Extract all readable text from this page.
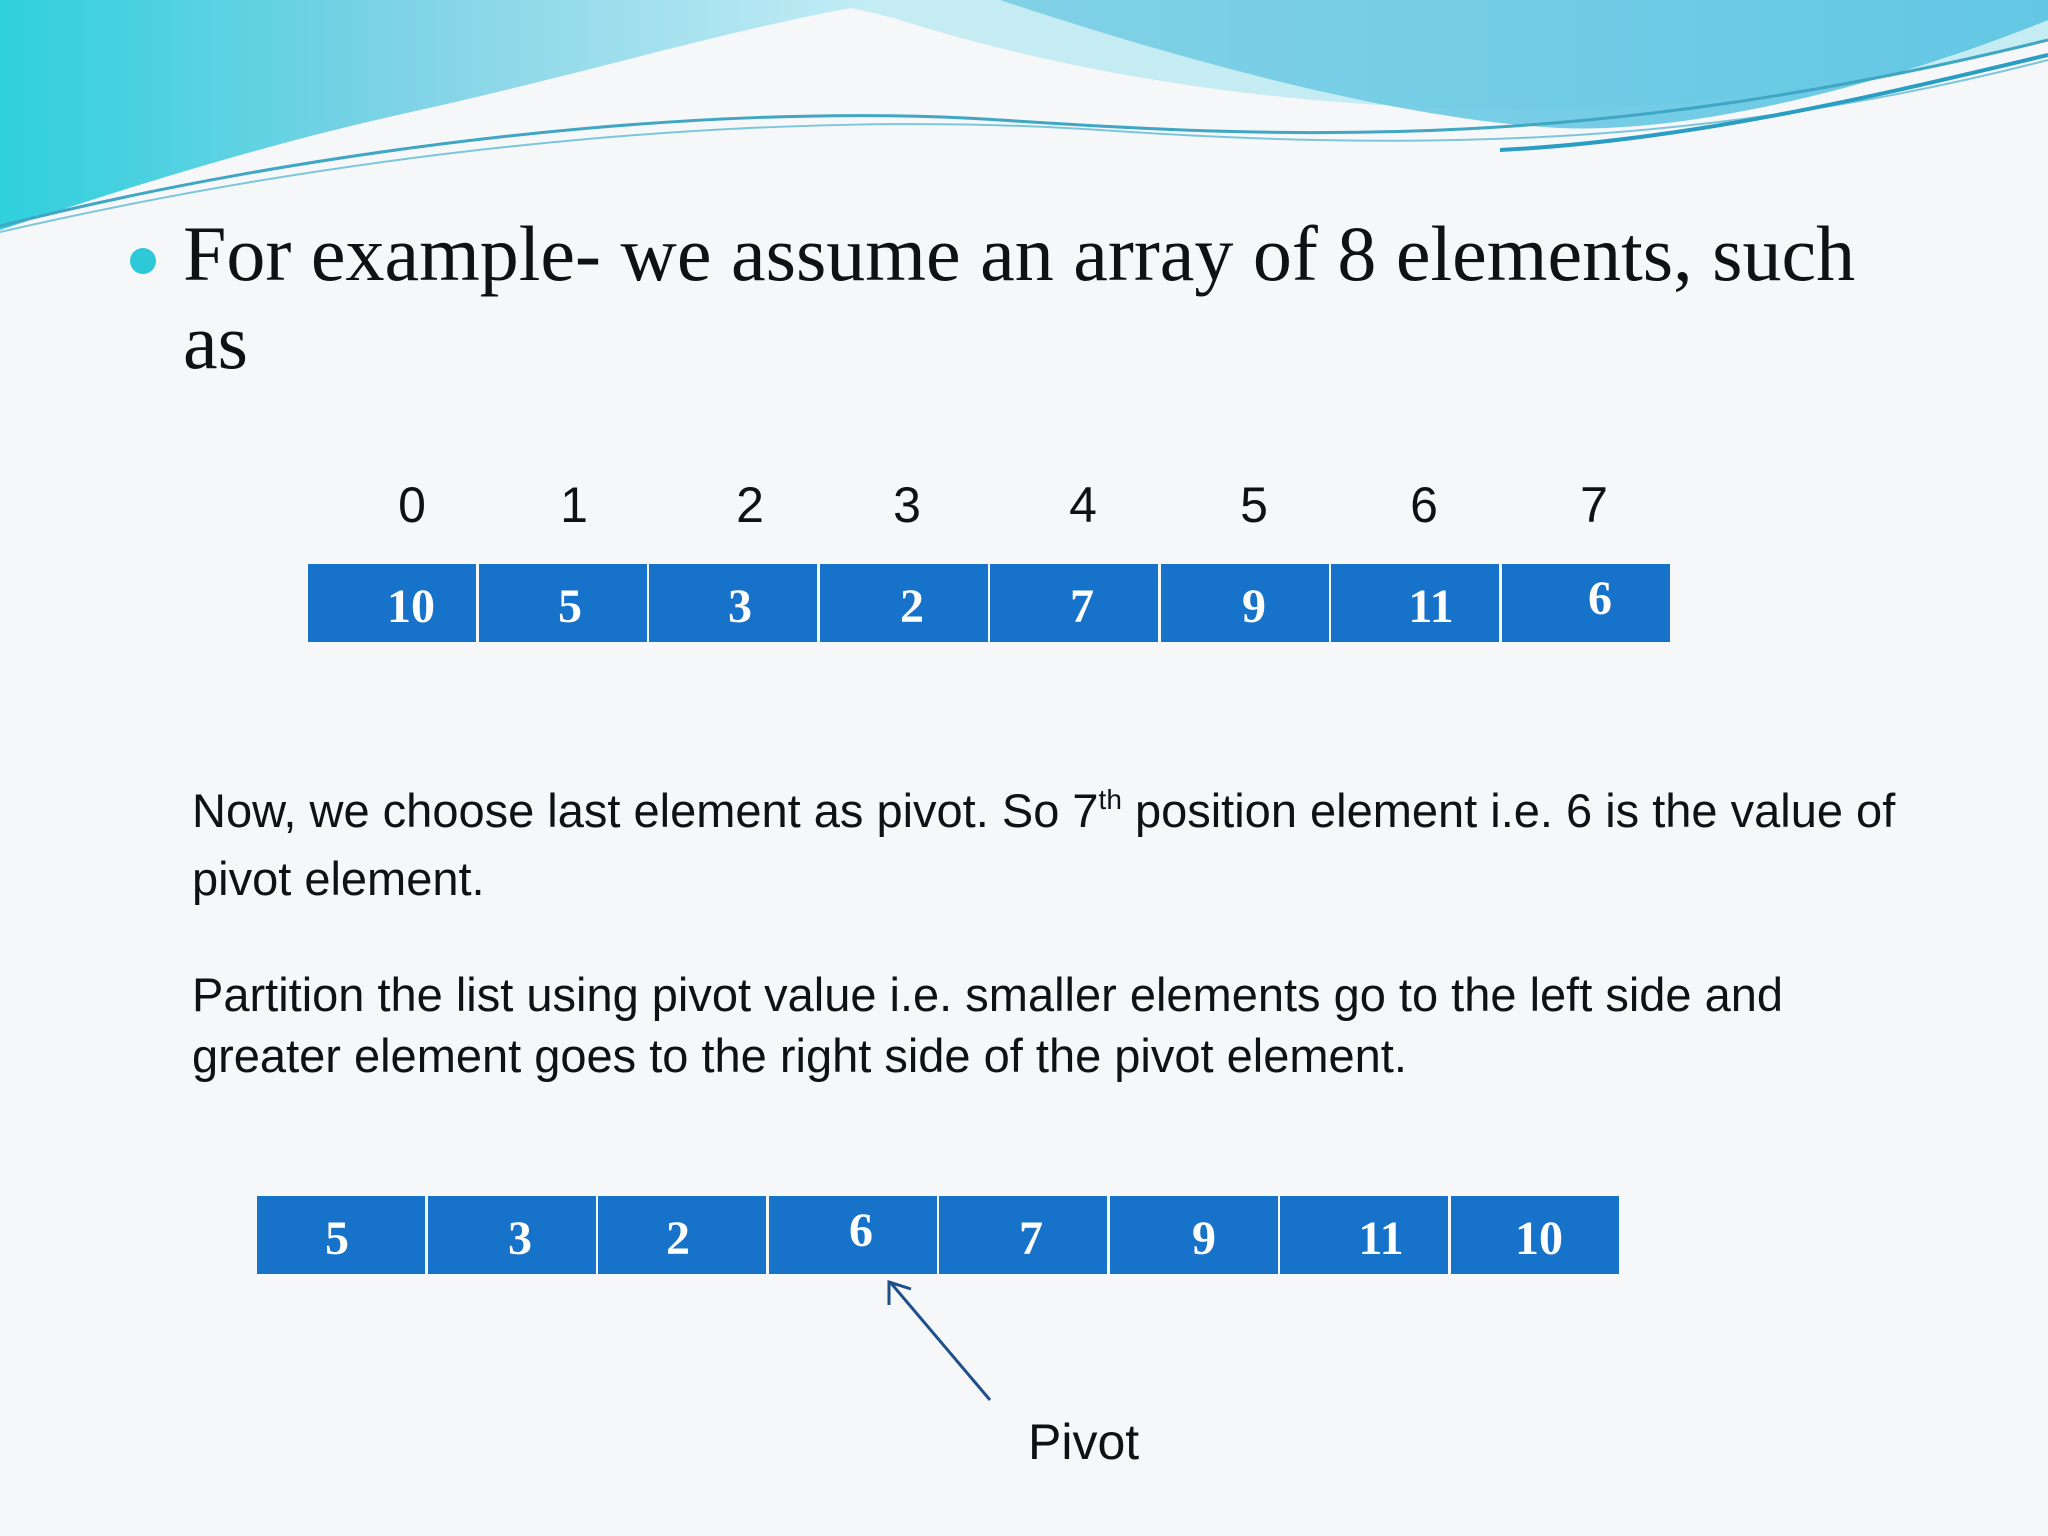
For example- we assume an array of 8 elements, such as
0	1	2	3	4	5	6	7
10	5	3	2	7	9	11	6

Now, we choose last element as pivot. So 7th position element i.e. 6 is the value of pivot element.

Partition the list using pivot value i.e. smaller elements go to the left side and greater element goes to the right side of the pivot element.

5	3	2	6	7	9	11	10
Pivot
